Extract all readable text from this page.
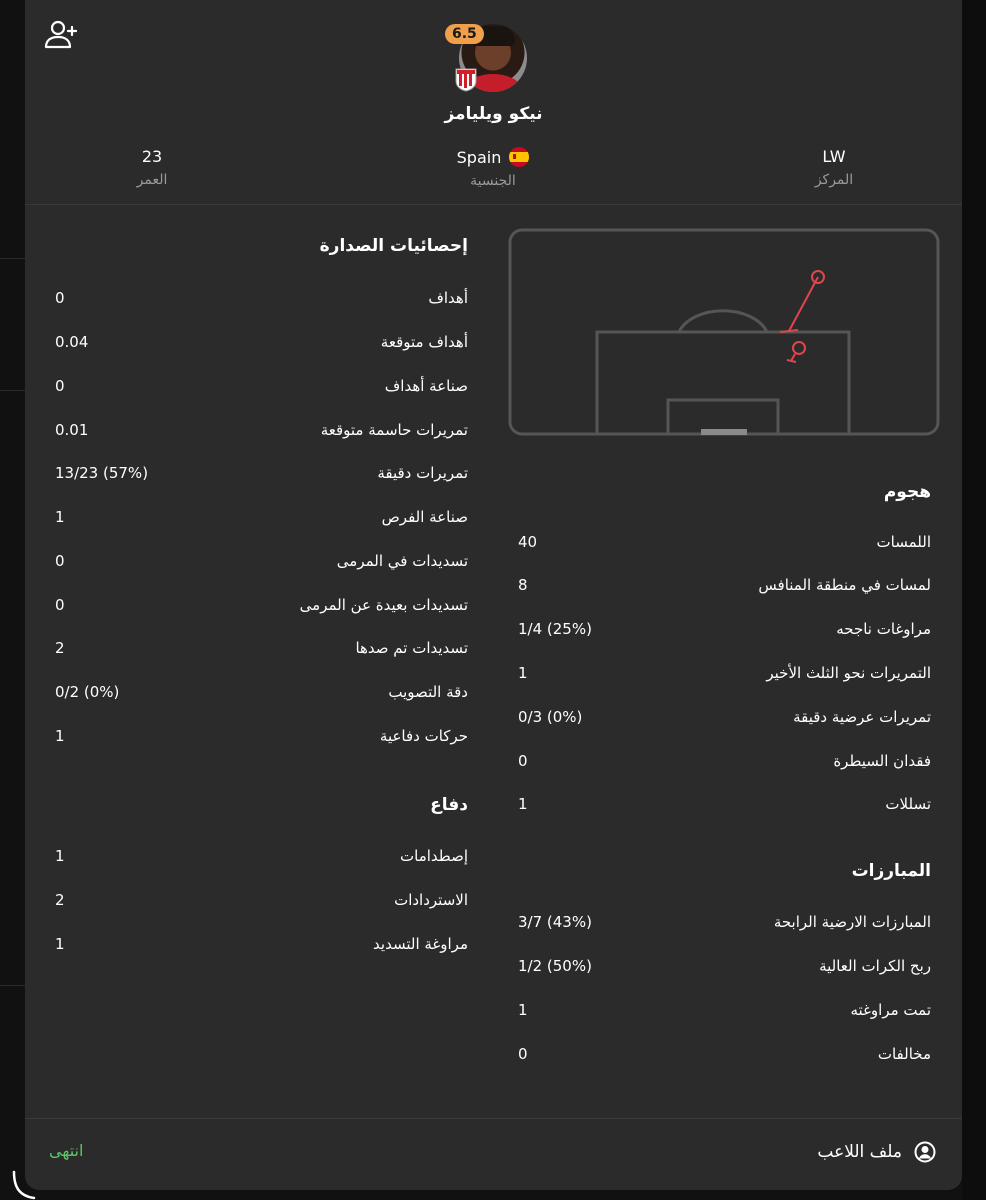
6.5
نيكو ويليامز
LW
المركز
Spain
الجنسية
23
العمر
إحصائيات الصدارة
أهداف
0
أهداف متوقعة
0.04
صناعة أهداف
0
تمريرات حاسمة متوقعة
0.01
تمريرات دقيقة
13/23 (57%)
صناعة الفرص
1
تسديدات في المرمى
0
تسديدات بعيدة عن المرمى
0
تسديدات تم صدها
2
دقة التصويب
0/2 (0%)
حركات دفاعية
1
دفاع
إصطدامات
1
الاستردادات
2
مراوغة التسديد
1
هجوم
اللمسات
40
لمسات في منطقة المنافس
8
مراوغات ناجحه
1/4 (25%)
التمريرات نحو الثلث الأخير
1
تمريرات عرضية دقيقة
0/3 (0%)
فقدان السيطرة
0
تسللات
1
المبارزات
المبارزات الارضية الرابحة
3/7 (43%)
ربح الكرات العالية
1/2 (50%)
تمت مراوغته
1
مخالفات
0
انتهى	ملف اللاعب
